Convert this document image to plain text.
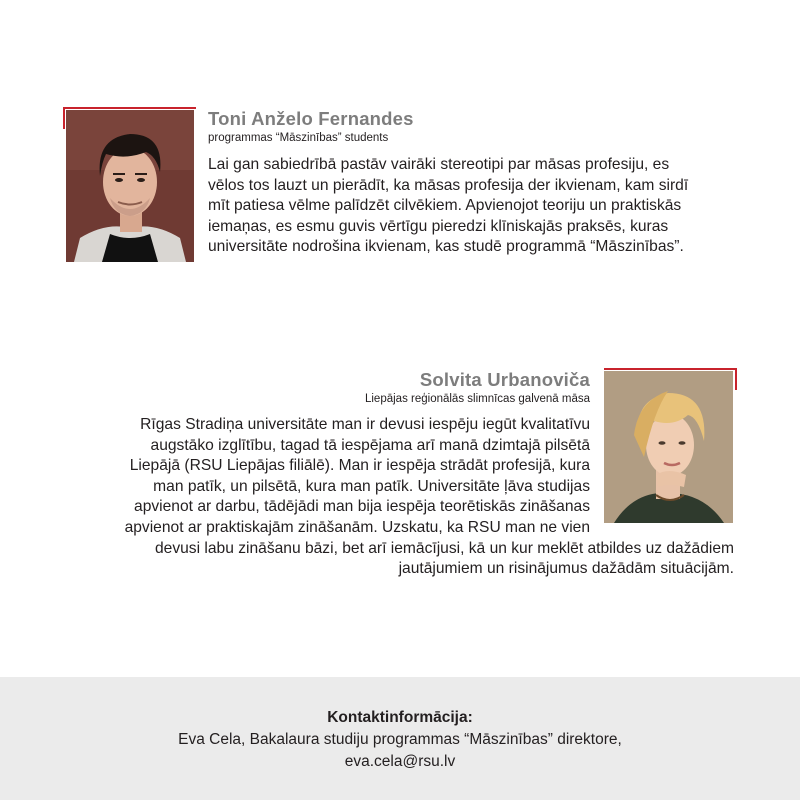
Toni Anželo Fernandes
programmas “Māszinības” students
Lai gan sabiedrībā pastāv vairāki stereotipi par māsas profesiju, es
vēlos tos lauzt un pierādīt, ka māsas profesija der ikvienam, kam sirdī
mīt patiesa vēlme palīdzēt cilvēkiem. Apvienojot teoriju un praktiskās
iemaņas, es esmu guvis vērtīgu pieredzi klīniskajās praksēs, kuras
universitāte nodrošina ikvienam, kas studē programmā “Māszinības”.
Solvita Urbanoviča
Liepājas reģionālās slimnīcas galvenā māsa
Rīgas Stradiņa universitāte man ir devusi iespēju iegūt kvalitatīvu
augstāko izglītību, tagad tā iespējama arī manā dzimtajā pilsētā
Liepājā (RSU Liepājas filiālē). Man ir iespēja strādāt profesijā, kura
man patīk, un pilsētā, kura man patīk. Universitāte ļāva studijas
apvienot ar darbu, tādējādi man bija iespēja teorētiskās zināšanas
apvienot ar praktiskajām zināšanām. Uzskatu, ka RSU man ne vien
devusi labu zināšanu bāzi, bet arī iemācījusi, kā un kur meklēt atbildes uz dažādiem
jautājumiem un risinājumus dažādām situācijām.
Kontaktinformācija:
Eva Cela, Bakalaura studiju programmas “Māszinības” direktore,
eva.cela@rsu.lv
